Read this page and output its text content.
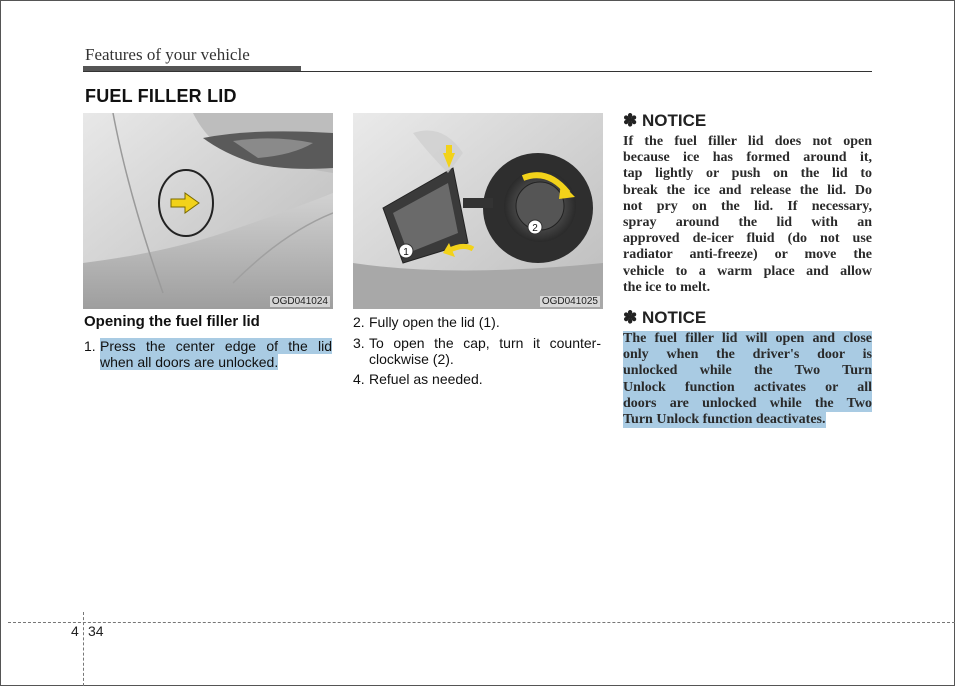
Features of your vehicle
FUEL FILLER LID
OGD041024
1
2
OGD041025
Opening the fuel filler lid
1. Press the center edge of the lid
when all doors are unlocked.
2. Fully open the lid (1).
3. To open the cap, turn it counter-
clockwise (2).
4. Refuel as needed.
✽ NOTICE
If the fuel filler lid does not open
because ice has formed around it,
tap lightly or push on the lid to
break the ice and release the lid. Do
not pry on the lid. If necessary,
spray around the lid with an
approved de-icer fluid (do not use
radiator anti-freeze) or move the
vehicle to a warm place and allow
the ice to melt.
✽ NOTICE
The fuel filler lid will open and close
only when the driver's door is
unlocked while the Two Turn
Unlock function activates or all
doors are unlocked while the Two
Turn Unlock function deactivates.
4 34
